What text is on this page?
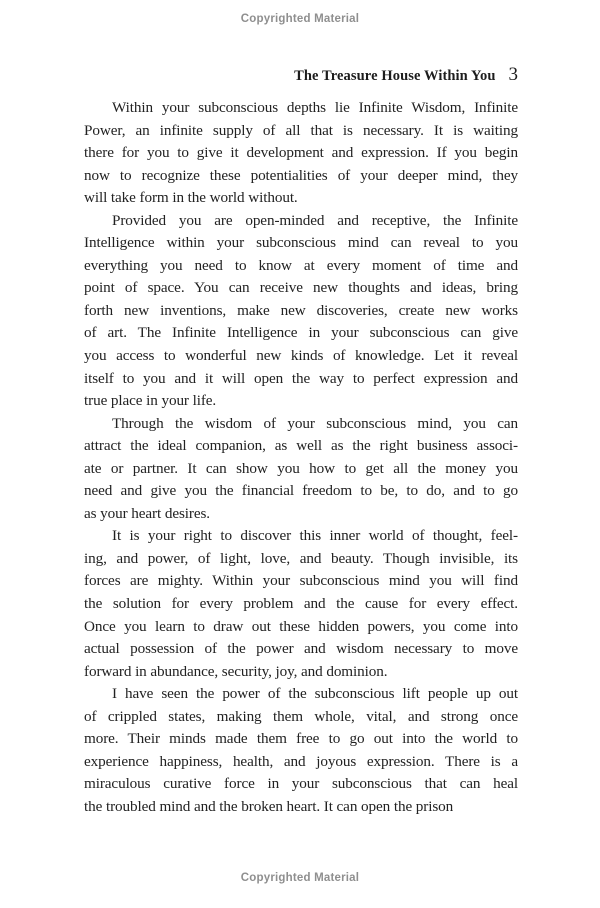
Copyrighted Material
The Treasure House Within You 3
Within your subconscious depths lie Infinite Wisdom, Infinite
Power, an infinite supply of all that is necessary. It is waiting
there for you to give it development and expression. If you begin
now to recognize these potentialities of your deeper mind, they
will take form in the world without.
Provided you are open-minded and receptive, the Infinite
Intelligence within your subconscious mind can reveal to you
everything you need to know at every moment of time and
point of space. You can receive new thoughts and ideas, bring
forth new inventions, make new discoveries, create new works
of art. The Infinite Intelligence in your subconscious can give
you access to wonderful new kinds of knowledge. Let it reveal
itself to you and it will open the way to perfect expression and
true place in your life.
Through the wisdom of your subconscious mind, you can
attract the ideal companion, as well as the right business associ-
ate or partner. It can show you how to get all the money you
need and give you the financial freedom to be, to do, and to go
as your heart desires.
It is your right to discover this inner world of thought, feel-
ing, and power, of light, love, and beauty. Though invisible, its
forces are mighty. Within your subconscious mind you will find
the solution for every problem and the cause for every effect.
Once you learn to draw out these hidden powers, you come into
actual possession of the power and wisdom necessary to move
forward in abundance, security, joy, and dominion.
I have seen the power of the subconscious lift people up out
of crippled states, making them whole, vital, and strong once
more. Their minds made them free to go out into the world to
experience happiness, health, and joyous expression. There is a
miraculous curative force in your subconscious that can heal
the troubled mind and the broken heart. It can open the prison
Copyrighted Material
